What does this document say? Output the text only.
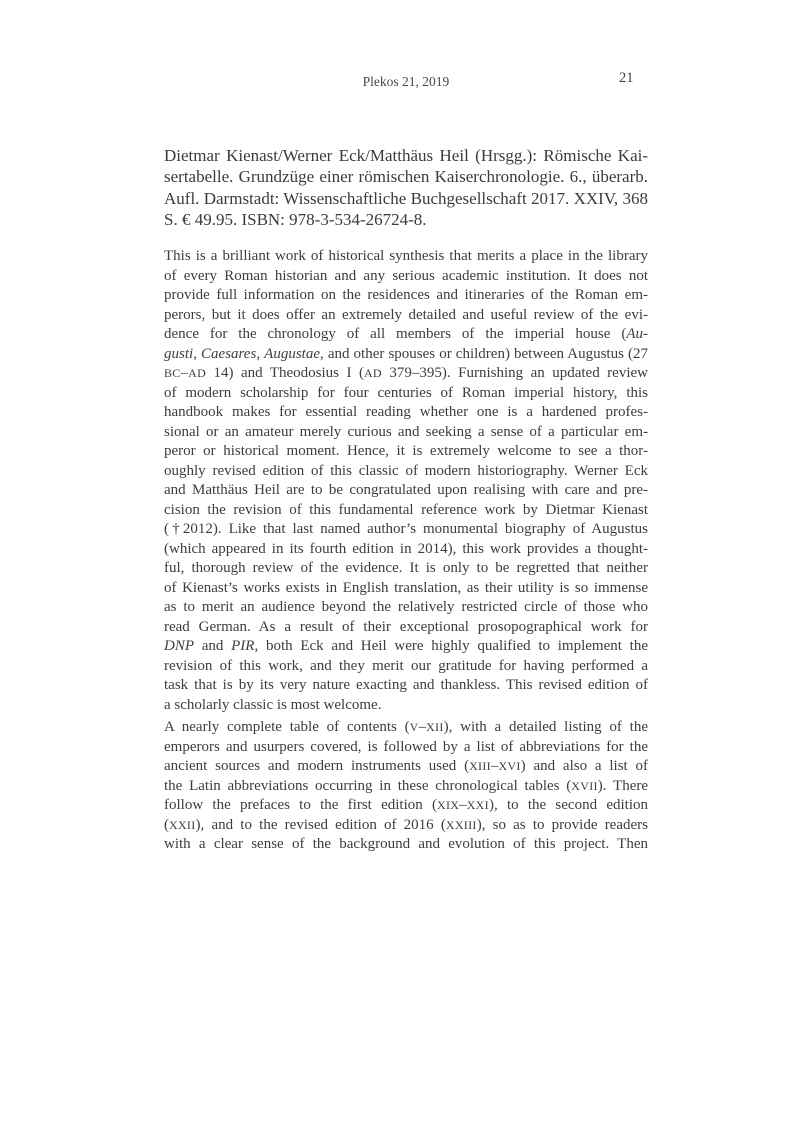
Plekos 21, 2019	21
Dietmar Kienast/Werner Eck/Matthäus Heil (Hrsgg.): Römische Kai-
sertabelle. Grundzüge einer römischen Kaiserchronologie. 6., überarb.
Aufl. Darmstadt: Wissenschaftliche Buchgesellschaft 2017. XXIV, 368
S. € 49.95. ISBN: 978-3-534-26724-8.
This is a brilliant work of historical synthesis that merits a place in the library
of every Roman historian and any serious academic institution. It does not
provide full information on the residences and itineraries of the Roman em-
perors, but it does offer an extremely detailed and useful review of the evi-
dence for the chronology of all members of the imperial house (Au-
gusti, Caesares, Augustae, and other spouses or children) between Augustus (27
BC–AD 14) and Theodosius I (AD 379–395). Furnishing an updated review
of modern scholarship for four centuries of Roman imperial history, this
handbook makes for essential reading whether one is a hardened profes-
sional or an amateur merely curious and seeking a sense of a particular em-
peror or historical moment. Hence, it is extremely welcome to see a thor-
oughly revised edition of this classic of modern historiography. Werner Eck
and Matthäus Heil are to be congratulated upon realising with care and pre-
cision the revision of this fundamental reference work by Dietmar Kienast
(†2012). Like that last named author’s monumental biography of Augustus
(which appeared in its fourth edition in 2014), this work provides a thought-
ful, thorough review of the evidence. It is only to be regretted that neither
of Kienast’s works exists in English translation, as their utility is so immense
as to merit an audience beyond the relatively restricted circle of those who
read German. As a result of their exceptional prosopographical work for
DNP and PIR, both Eck and Heil were highly qualified to implement the
revision of this work, and they merit our gratitude for having performed a
task that is by its very nature exacting and thankless. This revised edition of
a scholarly classic is most welcome.
A nearly complete table of contents (V–XII), with a detailed listing of the
emperors and usurpers covered, is followed by a list of abbreviations for the
ancient sources and modern instruments used (XIII–XVI) and also a list of
the Latin abbreviations occurring in these chronological tables (XVII). There
follow the prefaces to the first edition (XIX–XXI), to the second edition
(XXII), and to the revised edition of 2016 (XXIII), so as to provide readers
with a clear sense of the background and evolution of this project. Then
